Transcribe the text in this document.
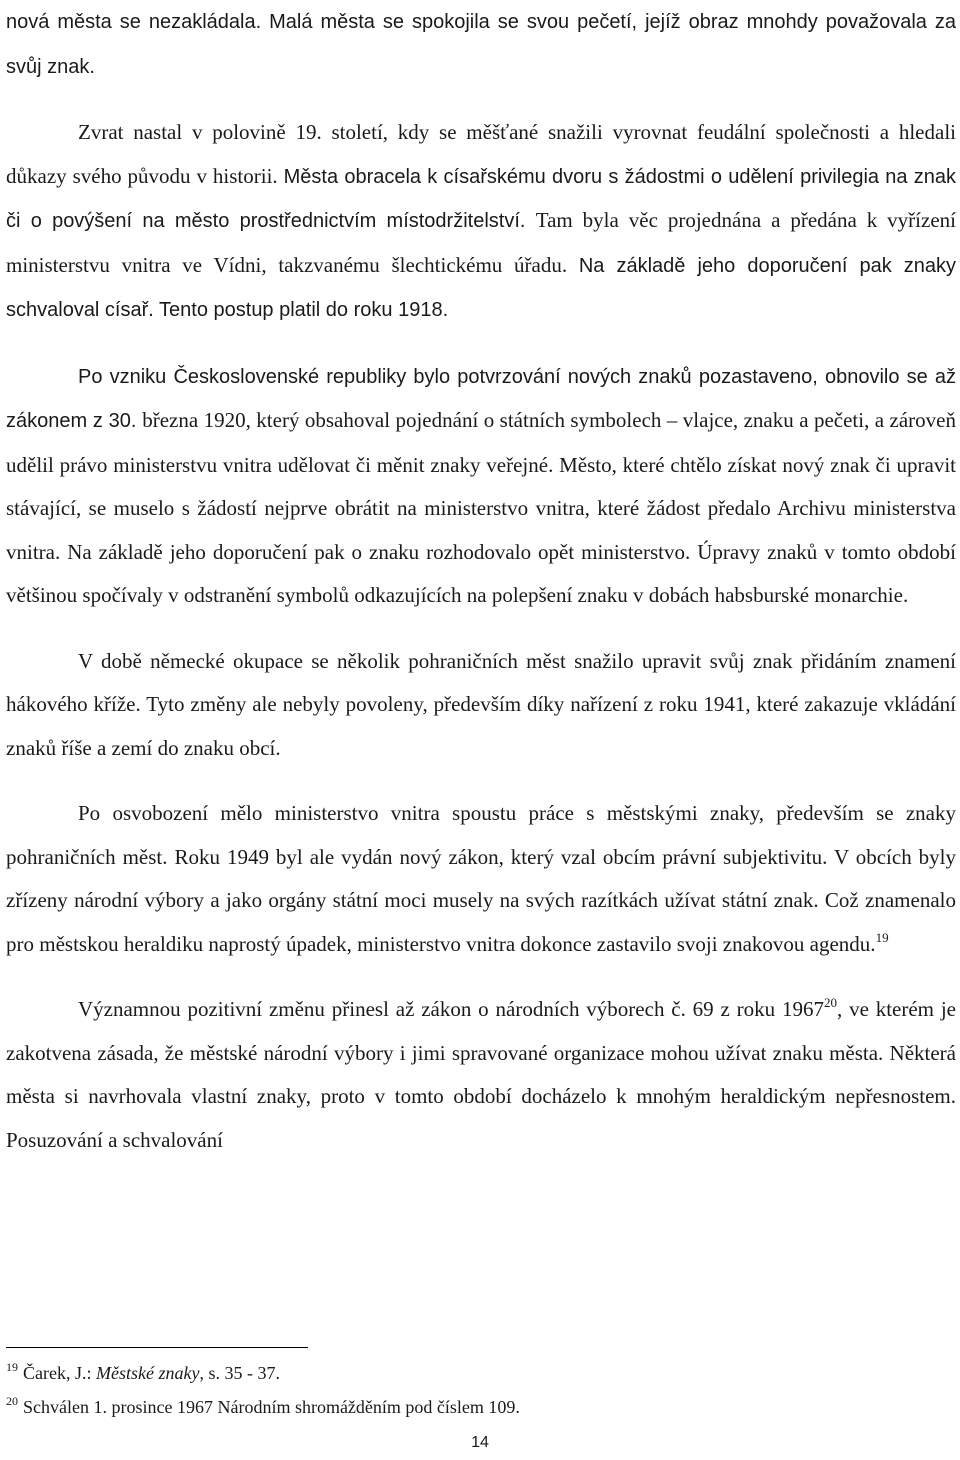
nová města se nezakládala. Malá města se spokojila se svou pečetí, jejíž obraz mnohdy považovala za svůj znak.

Zvrat nastal v polovině 19. století, kdy se měšťané snažili vyrovnat feudální společnosti a hledali důkazy svého původu v historii. Města obracela k císařskému dvoru s žádostmi o udělení privilegia na znak či o povýšení na město prostřednictvím místodržitelství. Tam byla věc projednána a předána k vyřízení ministerstvu vnitra ve Vídni, takzvanému šlechtickému úřadu. Na základě jeho doporučení pak znaky schvaloval císař. Tento postup platil do roku 1918.

Po vzniku Československé republiky bylo potvrzování nových znaků pozastaveno, obnovilo se až zákonem z 30. března 1920, který obsahoval pojednání o státních symbolech – vlajce, znaku a pečeti, a zároveň udělil právo ministerstvu vnitra udělovat či měnit znaky veřejné. Město, které chtělo získat nový znak či upravit stávající, se muselo s žádostí nejprve obrátit na ministerstvo vnitra, které žádost předalo Archivu ministerstva vnitra. Na základě jeho doporučení pak o znaku rozhodovalo opět ministerstvo. Úpravy znaků v tomto období většinou spočívaly v odstranění symbolů odkazujících na polepšení znaku v dobách habsburské monarchie.

V době německé okupace se několik pohraničních měst snažilo upravit svůj znak přidáním znamení hákového kříže. Tyto změny ale nebyly povoleny, především díky nařízení z roku 1941, které zakazuje vkládání znaků říše a zemí do znaku obcí.

Po osvobození mělo ministerstvo vnitra spoustu práce s městskými znaky, především se znaky pohraničních měst. Roku 1949 byl ale vydán nový zákon, který vzal obcím právní subjektivitu. V obcích byly zřízeny národní výbory a jako orgány státní moci musely na svých razítkách užívat státní znak. Což znamenalo pro městskou heraldiku naprostý úpadek, ministerstvo vnitra dokonce zastavilo svoji znakovou agendu.$^{19}$

Významnou pozitivní změnu přinesl až zákon o národních výborech č. 69 z roku 1967$^{20}$, ve kterém je zakotvena zásada, že městské národní výbory i jimi spravované organizace mohou užívat znaku města. Některá města si navrhovala vlastní znaky, proto v tomto období docházelo k mnohým heraldickým nepřesnostem. Posuzování a schvalování

$^{19}$ Čarek, J.: Městské znaky, s. 35 - 37.
$^{20}$ Schválen 1. prosince 1967 Národním shromážděním pod číslem 109.
14
